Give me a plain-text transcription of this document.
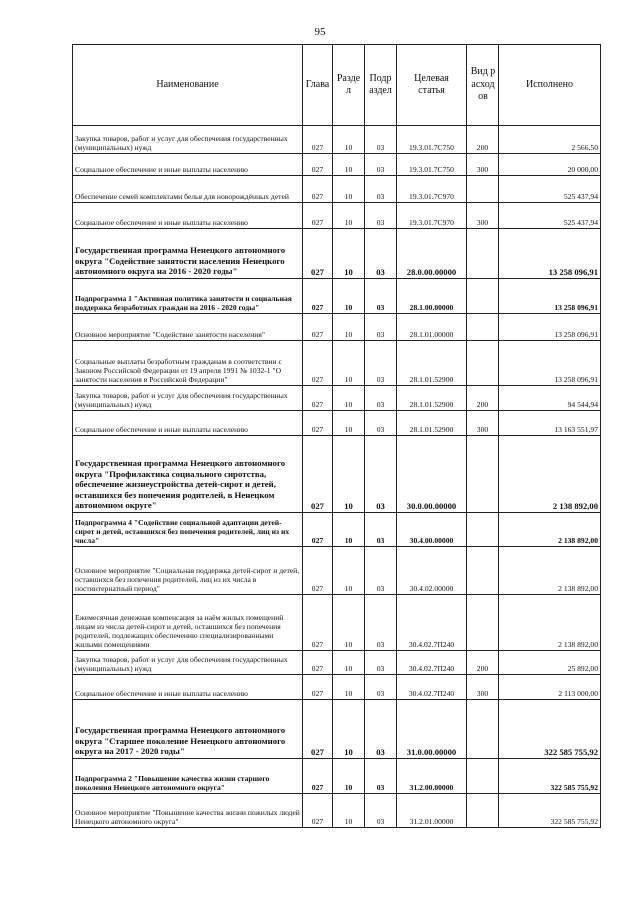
95
Наименование	Глава	Раздел	Подраздел	Целевая статья	Вид расходов	Исполнено
Закупка товаров, работ и услуг для обеспечения государственных (муниципальных) нужд	027	10	03	19.3.01.7С750	200	2 566,50
Социальное обеспечение и иные выплаты населению	027	10	03	19.3.01.7С750	300	20 000,00
Обеспечение семей комплектами белья для новорождённых детей	027	10	03	19.3.01.7С970		525 437,94
Социальное обеспечение и иные выплаты населению	027	10	03	19.3.01.7С970	300	525 437,94
Государственная программа Ненецкого автономного округа "Содействие занятости населения Ненецкого автономного округа на 2016 - 2020 годы"	027	10	03	28.0.00.00000		13 258 096,91
Подпрограмма 1 "Активная политика занятости и социальная поддержка безработных граждан на 2016 - 2020 годы"	027	10	03	28.1.00.00000		13 258 096,91
Основное мероприятие "Содействие занятости населения"	027	10	03	28.1.01.00000		13 258 096,91
Социальные выплаты безработным гражданам в соответствии с Законом Российской Федерации от 19 апреля 1991 № 1032-1 "О занятости населения в Российской Федерации"	027	10	03	28.1.01.52900		13 258 096,91
Закупка товаров, работ и услуг для обеспечения государственных (муниципальных) нужд	027	10	03	28.1.01.52900	200	94 544,94
Социальное обеспечение и иные выплаты населению	027	10	03	28.1.01.52900	300	13 163 551,97
Государственная программа Ненецкого автономного округа "Профилактика социального сиротства, обеспечение жизнеустройства детей-сирот и детей, оставшихся без попечения родителей, в Ненецком автономном округе"	027	10	03	30.0.00.00000		2 138 892,00
Подпрограмма 4 "Содействие социальной адаптации детей-сирот и детей, оставшихся без попечения родителей, лиц из их числа"	027	10	03	30.4.00.00000		2 138 892,00
Основное мероприятие "Социальная поддержка детей-сирот и детей, оставшихся без попечения родителей, лиц из их числа в постинтернатный период"	027	10	03	30.4.02.00000		2 138 892,00
Ежемесячная денежная компенсация за наём жилых помещений лицам из числа детей-сирот и детей, оставшихся без попечения родителей, подлежащих обеспечению специализированными жилыми помещениями	027	10	03	30.4.02.7П240		2 138 892,00
Закупка товаров, работ и услуг для обеспечения государственных (муниципальных) нужд	027	10	03	30.4.02.7П240	200	25 892,00
Социальное обеспечение и иные выплаты населению	027	10	03	30.4.02.7П240	300	2 113 000,00
Государственная программа Ненецкого автономного округа "Старшее поколение Ненецкого автономного округа на 2017 - 2020 годы"	027	10	03	31.0.00.00000		322 585 755,92
Подпрограмма 2 "Повышение качества жизни старшего поколения Ненецкого автономного округа"	027	10	03	31.2.00.00000		322 585 755,92
Основное мероприятие "Повышение качества жизни пожилых людей Ненецкого автономного округа"	027	10	03	31.2.01.00000		322 585 755,92
